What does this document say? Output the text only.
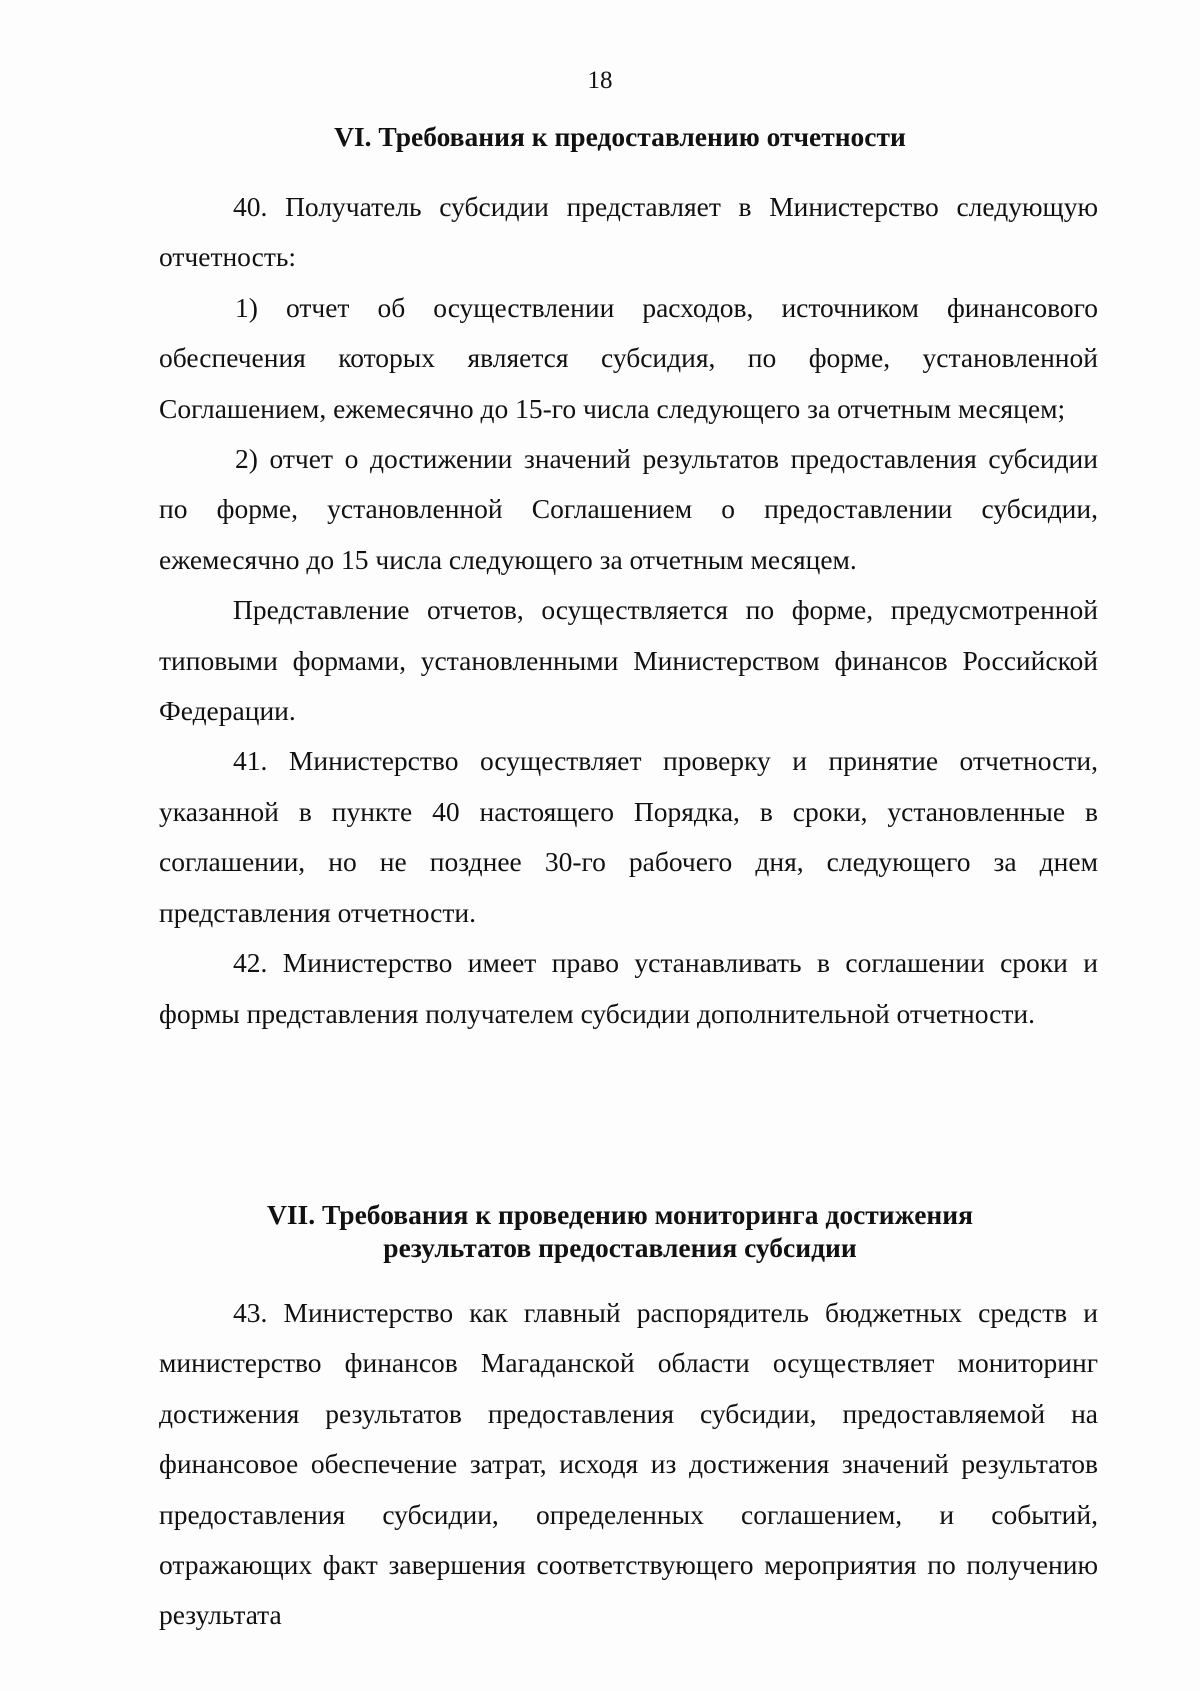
18
VI. Требования к предоставлению отчетности

40. Получатель субсидии представляет в Министерство следующую отчетность:

1) отчет об осуществлении расходов, источником финансового обеспечения которых является субсидия, по форме, установленной Соглашением, ежемесячно до 15-го числа следующего за отчетным месяцем;

2) отчет о достижении значений результатов предоставления субсидии по форме, установленной Соглашением о предоставлении субсидии, ежемесячно до 15 числа следующего за отчетным месяцем.

Представление отчетов, осуществляется по форме, предусмотренной типовыми формами, установленными Министерством финансов Российской Федерации.

41. Министерство осуществляет проверку и принятие отчетности, указанной в пункте 40 настоящего Порядка, в сроки, установленные в соглашении, но не позднее 30-го рабочего дня, следующего за днем представления отчетности.

42. Министерство имеет право устанавливать в соглашении сроки и формы представления получателем субсидии дополнительной отчетности.

VII. Требования к проведению мониторинга достижения
результатов предоставления субсидии

43. Министерство как главный распорядитель бюджетных средств и министерство финансов Магаданской области осуществляет мониторинг достижения результатов предоставления субсидии, предоставляемой на финансовое обеспечение затрат, исходя из достижения значений результатов предоставления субсидии, определенных соглашением, и событий, отражающих факт завершения соответствующего мероприятия по получению результата
